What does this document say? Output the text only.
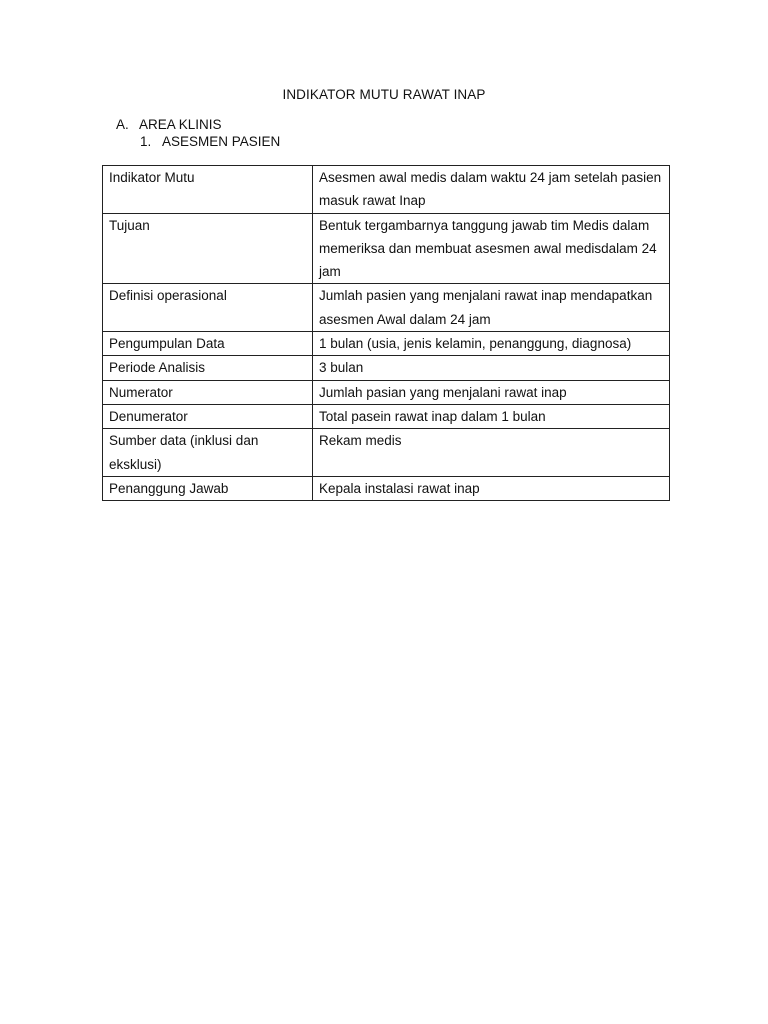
INDIKATOR MUTU RAWAT INAP
A. AREA KLINIS
1. ASESMEN PASIEN
Indikator Mutu	Asesmen awal medis dalam waktu 24 jam setelah pasien masuk rawat Inap
Tujuan	Bentuk tergambarnya tanggung jawab tim Medis dalam memeriksa dan membuat asesmen awal medisdalam 24 jam
Definisi operasional	Jumlah pasien yang menjalani rawat inap mendapatkan asesmen Awal dalam 24 jam
Pengumpulan Data	1 bulan (usia, jenis kelamin, penanggung, diagnosa)
Periode Analisis	3 bulan
Numerator	Jumlah pasian yang menjalani rawat inap
Denumerator	Total pasein rawat inap dalam 1 bulan
Sumber data (inklusi dan eksklusi)	Rekam medis
Penanggung Jawab	Kepala instalasi rawat inap
